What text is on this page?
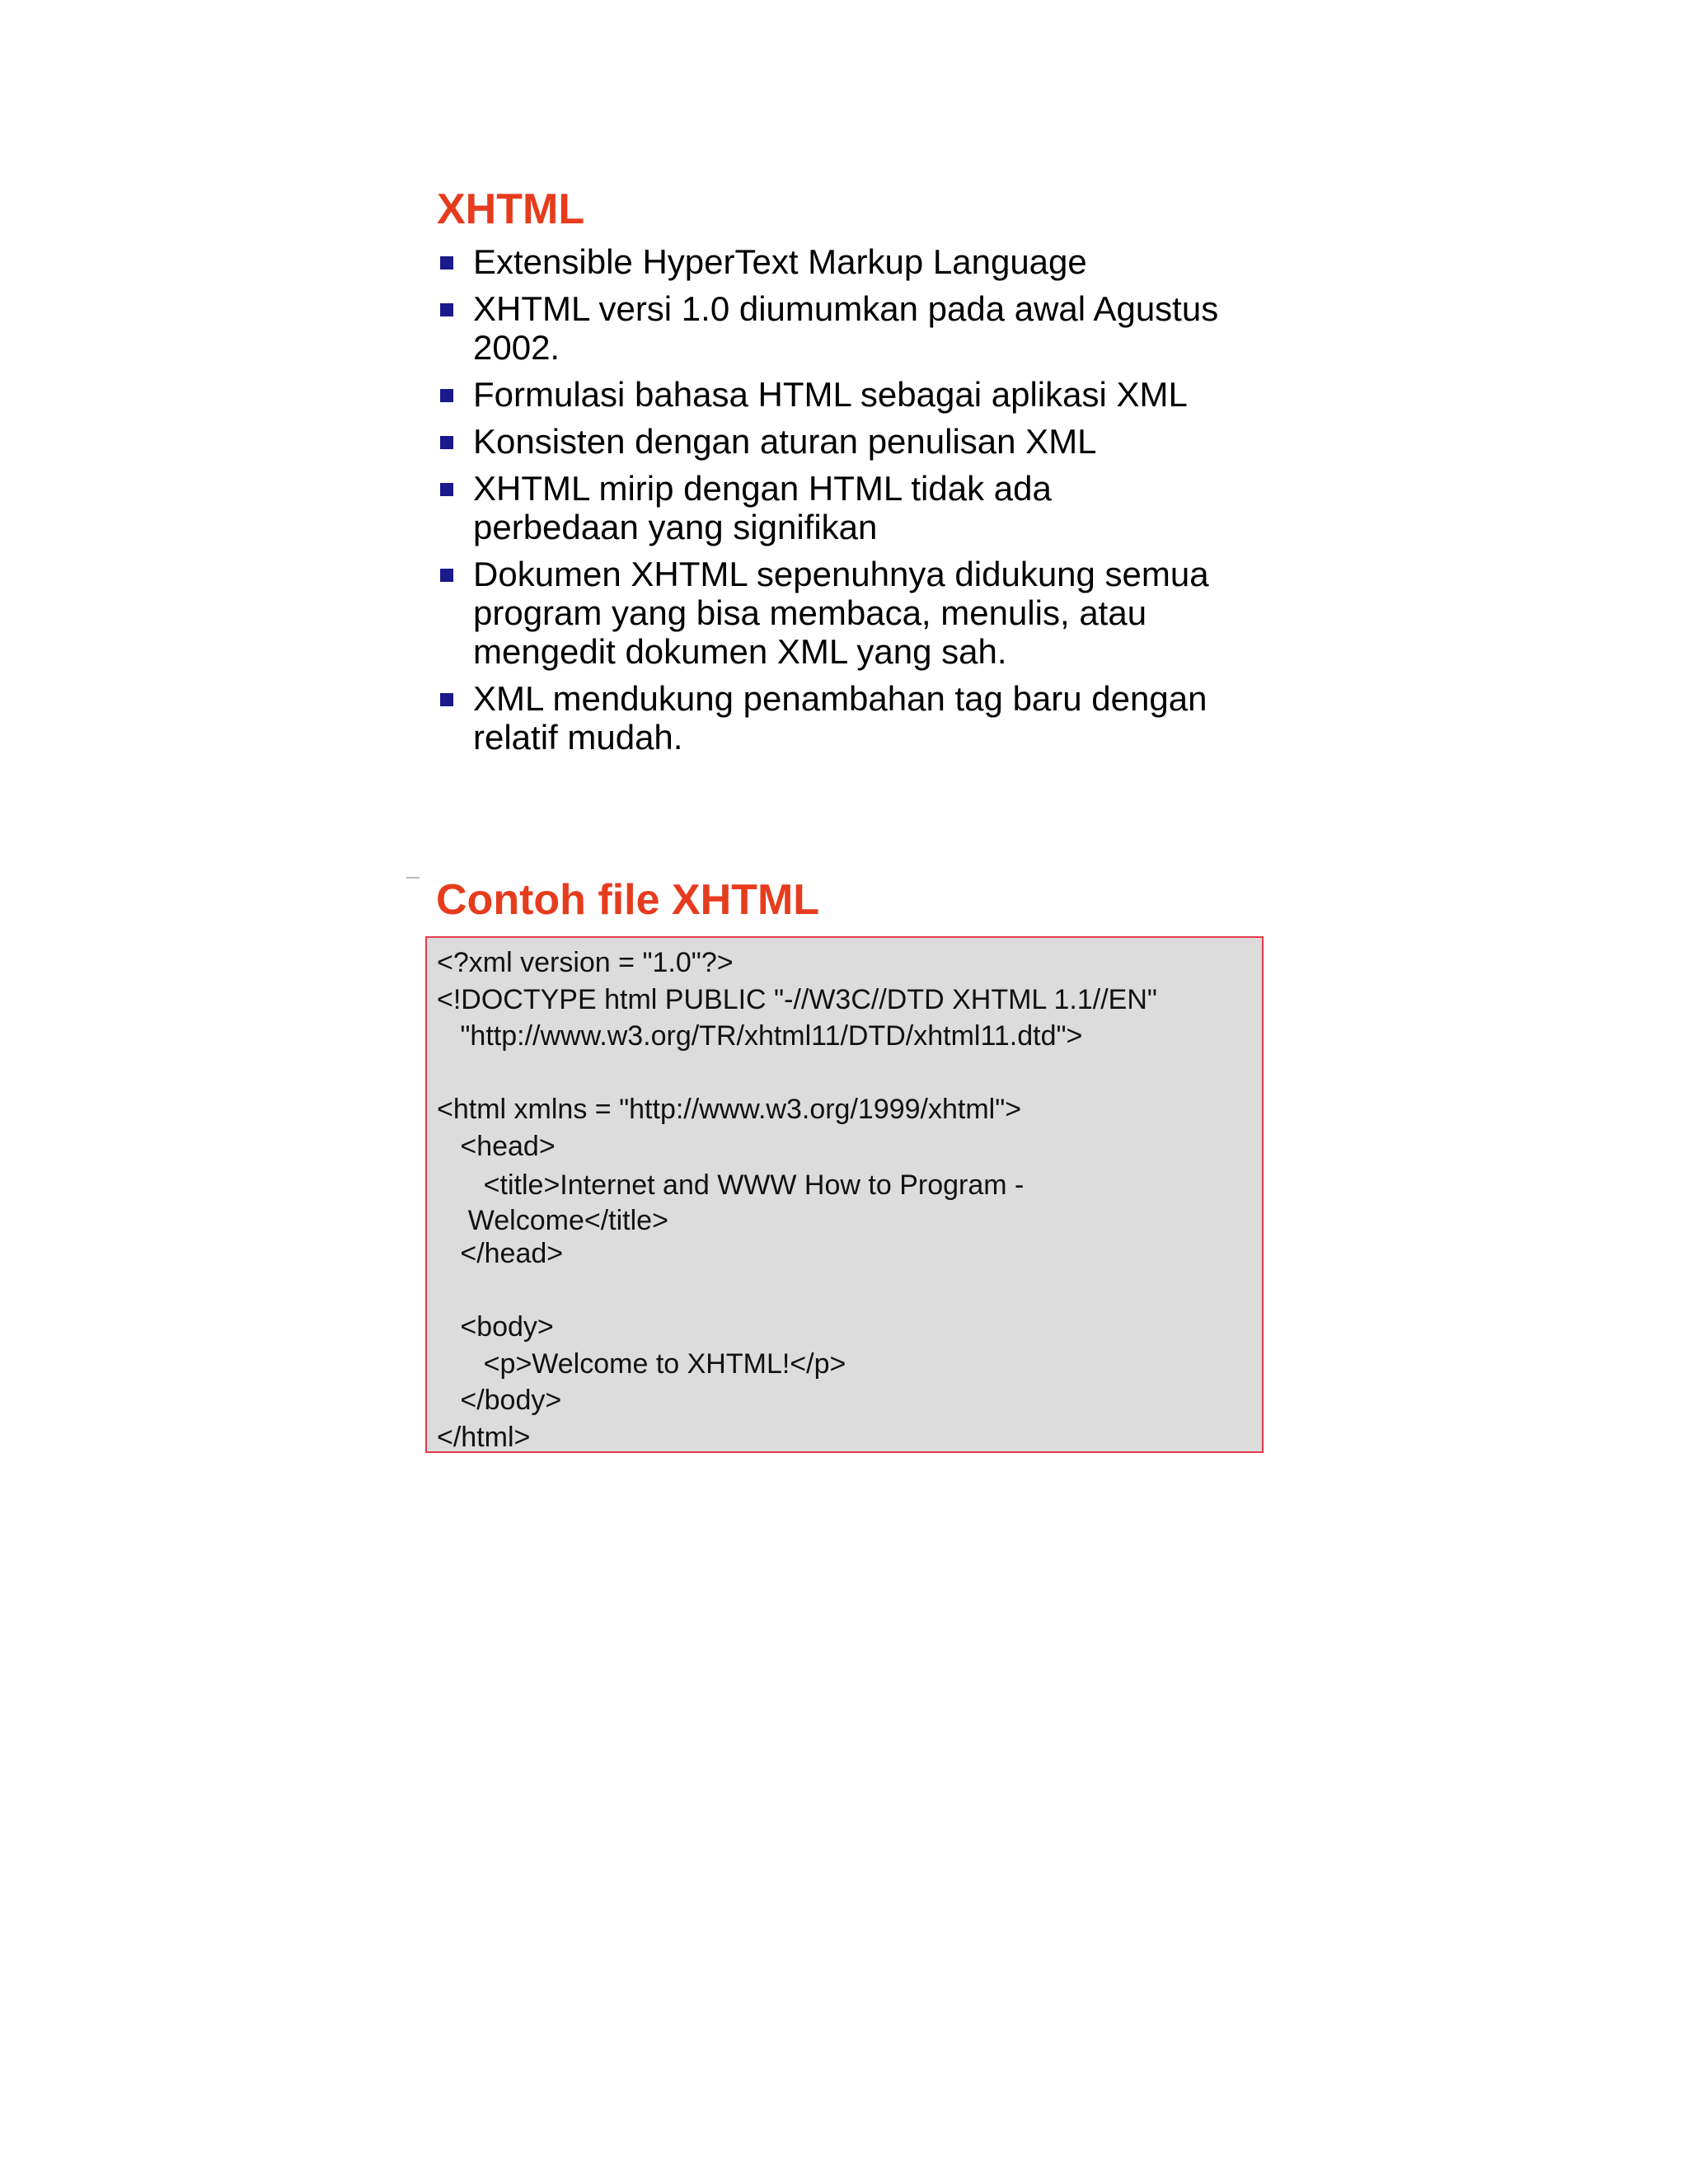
XHTML
Extensible HyperText Markup Language
XHTML versi 1.0 diumumkan pada awal Agustus 2002.
Formulasi bahasa HTML sebagai aplikasi XML
Konsisten dengan aturan penulisan XML
XHTML mirip dengan HTML tidak ada perbedaan yang signifikan
Dokumen XHTML sepenuhnya didukung semua program yang bisa membaca, menulis, atau mengedit dokumen XML yang sah.
XML mendukung penambahan tag baru dengan relatif mudah.
Contoh file XHTML
<?xml version = "1.0"?>
<!DOCTYPE html PUBLIC "-//W3C//DTD XHTML 1.1//EN"
"http://www.w3.org/TR/xhtml11/DTD/xhtml11.dtd">
<html xmlns = "http://www.w3.org/1999/xhtml">
<head>
<title>Internet and WWW How to Program -
Welcome</title>
</head>
<body>
<p>Welcome to XHTML!</p>
</body>
</html>
